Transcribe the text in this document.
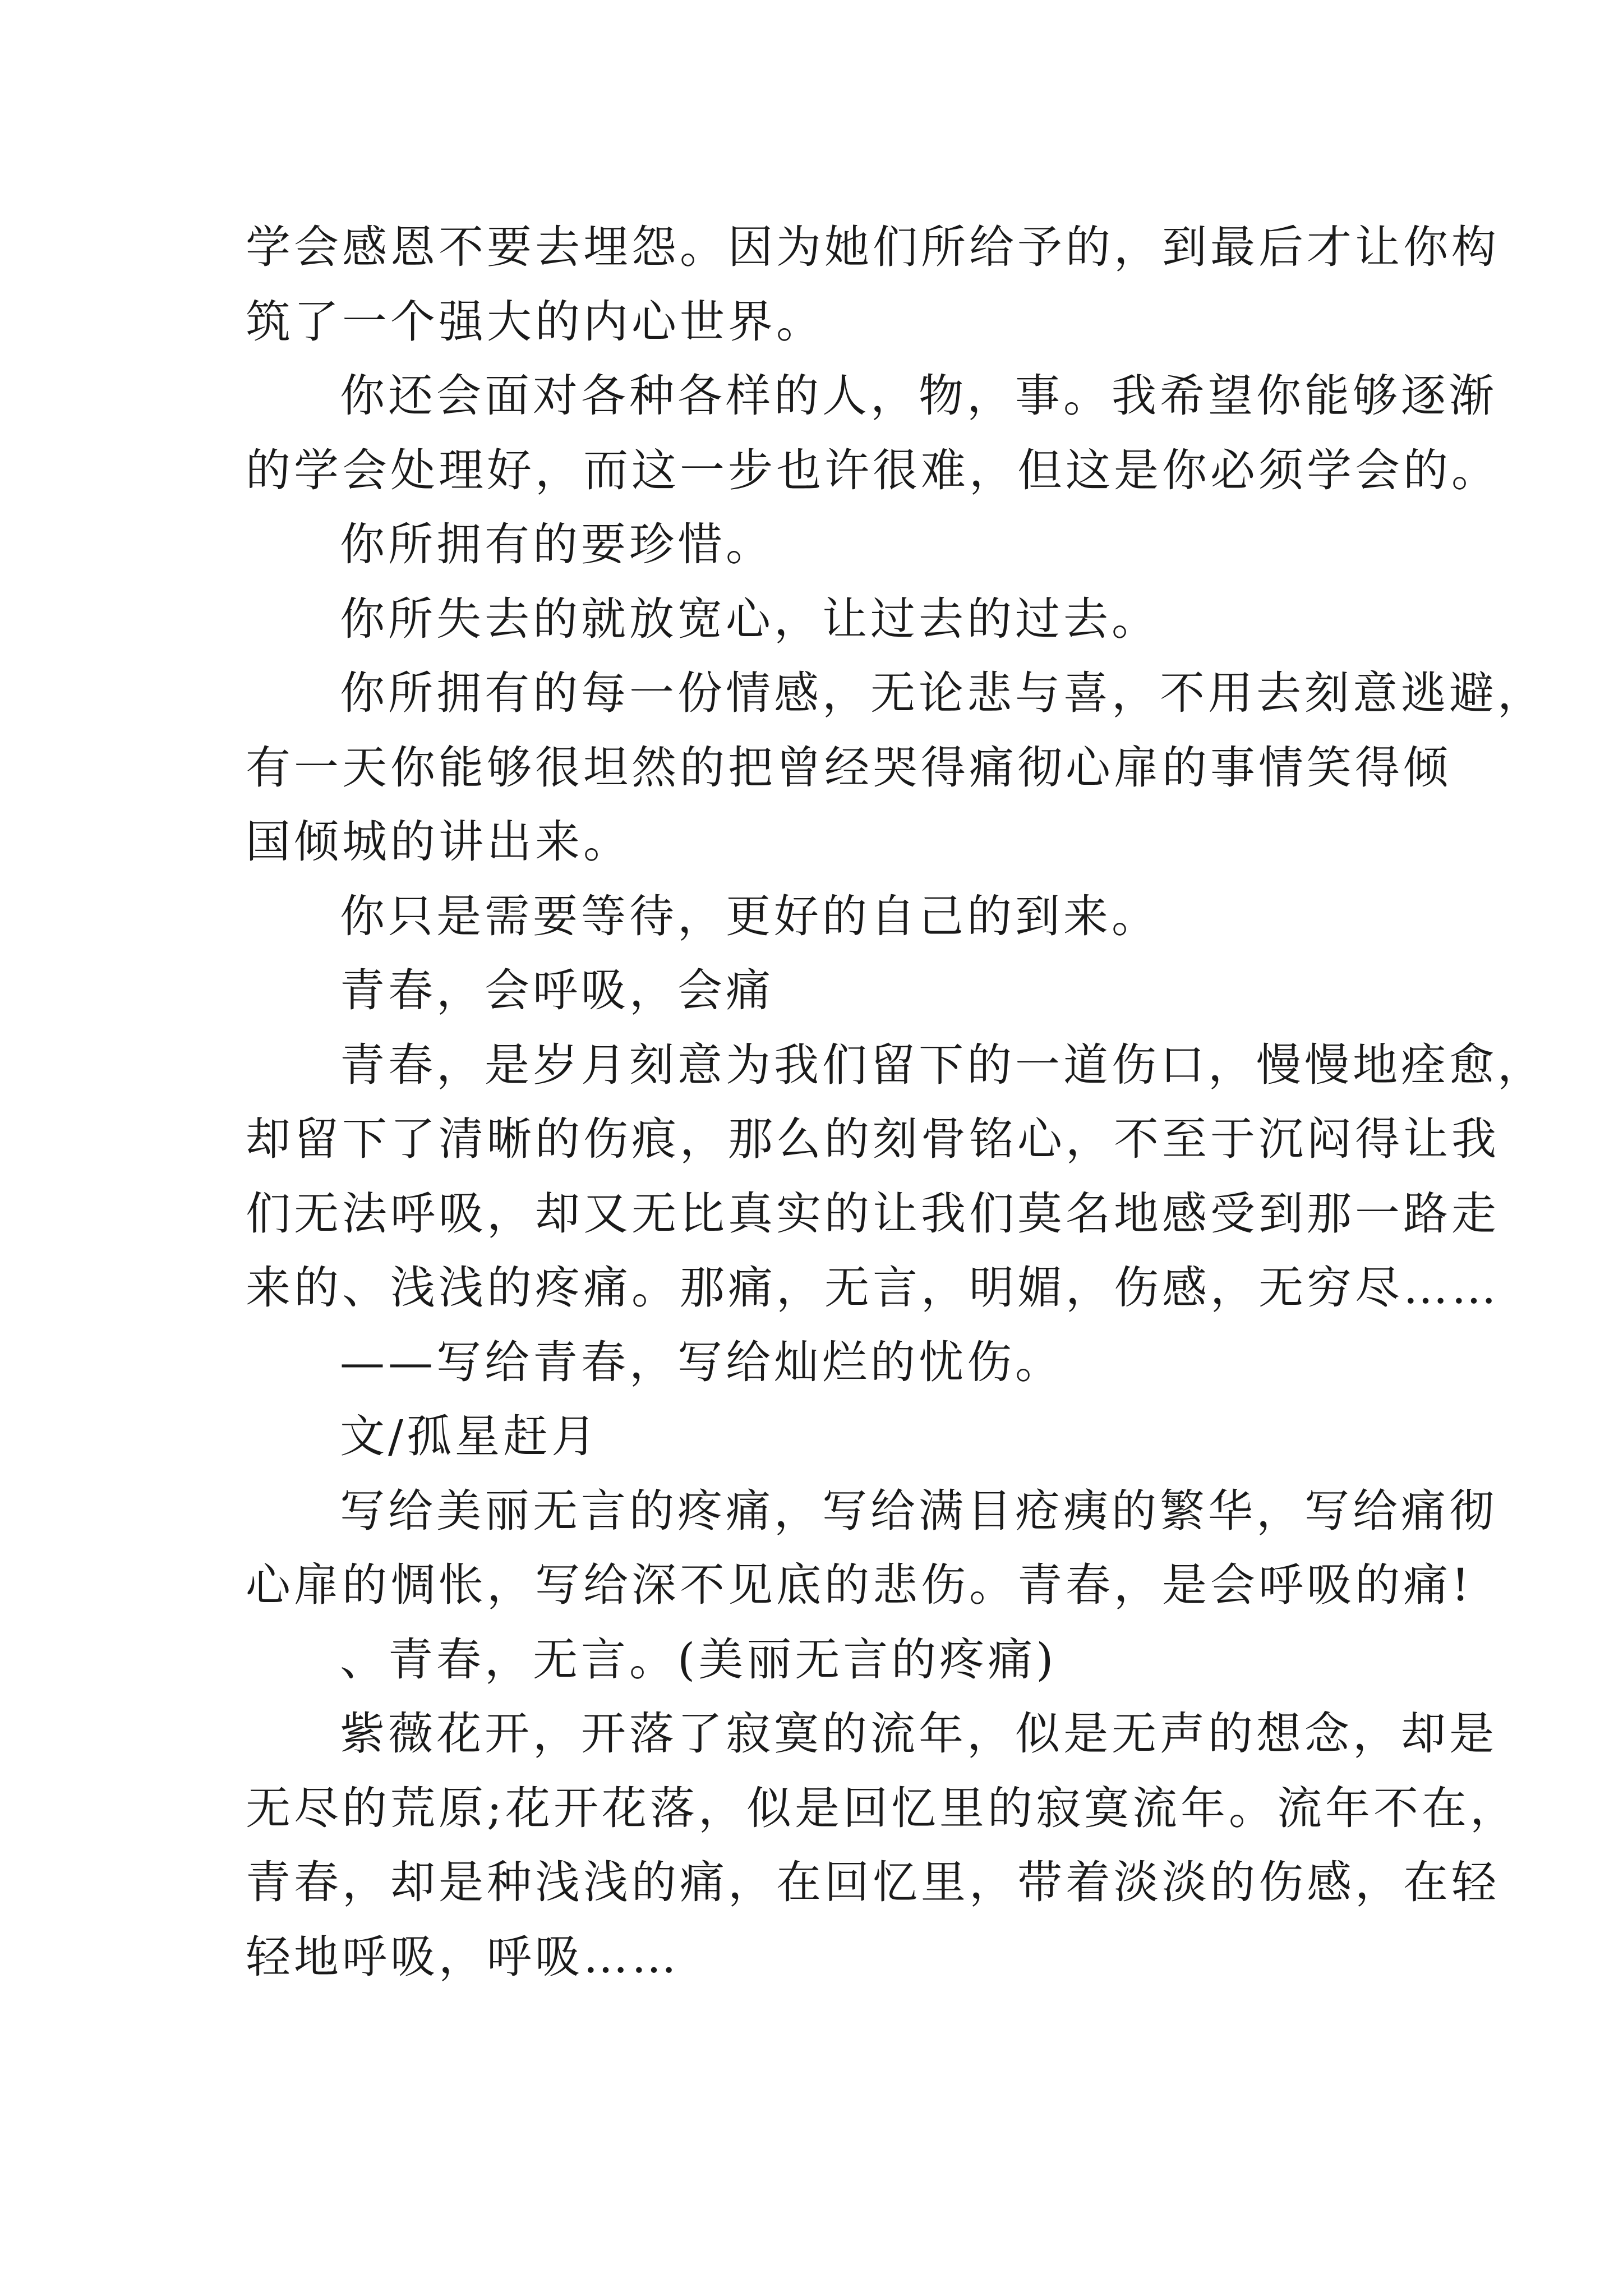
学会感恩不要去埋怨。因为她们所给予的，到最后才让你构

筑了一个强大的内心世界。

你还会面对各种各样的人，物，事。我希望你能够逐渐

的学会处理好，而这一步也许很难，但这是你必须学会的。

你所拥有的要珍惜。

你所失去的就放宽心，让过去的过去。

你所拥有的每一份情感，无论悲与喜，不用去刻意逃避，

有一天你能够很坦然的把曾经哭得痛彻心扉的事情笑得倾

国倾城的讲出来。

你只是需要等待，更好的自己的到来。

青春，会呼吸，会痛

青春，是岁月刻意为我们留下的一道伤口，慢慢地痊愈，

却留下了清晰的伤痕，那么的刻骨铭心，不至于沉闷得让我

们无法呼吸，却又无比真实的让我们莫名地感受到那一路走

来的、浅浅的疼痛。那痛，无言，明媚，伤感，无穷尽……

——写给青春，写给灿烂的忧伤。

文/孤星赶月

写给美丽无言的疼痛，写给满目疮痍的繁华，写给痛彻

心扉的惆怅，写给深不见底的悲伤。青春，是会呼吸的痛!

、青春，无言。(美丽无言的疼痛)

紫薇花开，开落了寂寞的流年，似是无声的想念，却是

无尽的荒原;花开花落，似是回忆里的寂寞流年。流年不在，

青春，却是种浅浅的痛，在回忆里，带着淡淡的伤感，在轻

轻地呼吸，呼吸……
